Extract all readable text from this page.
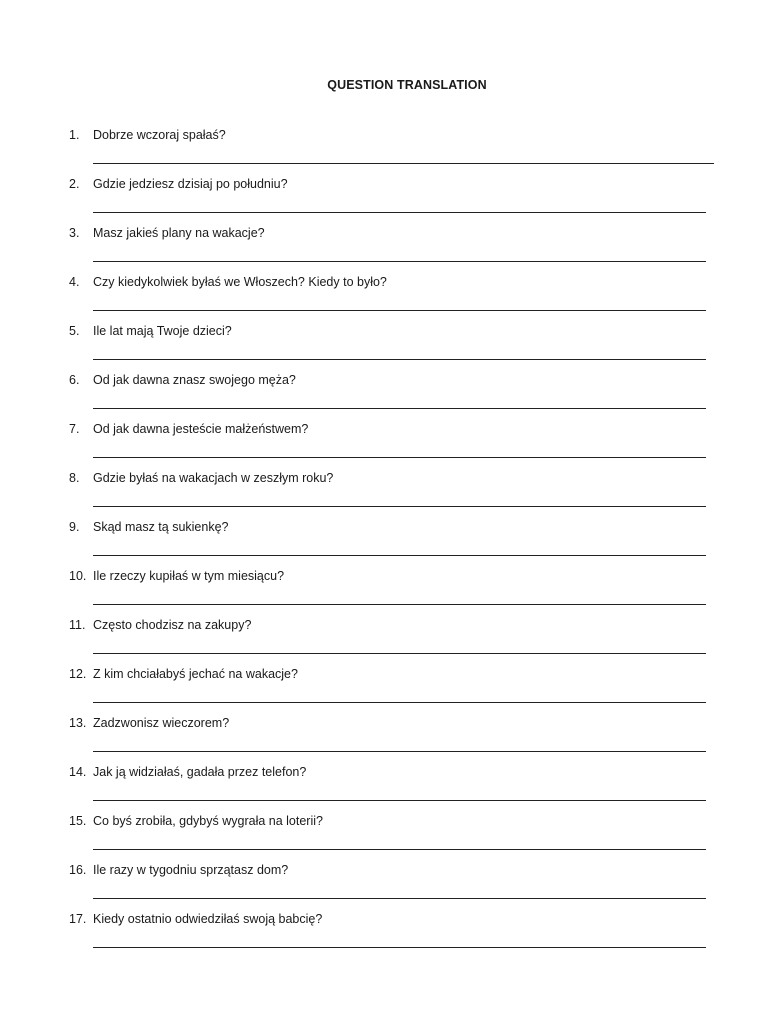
QUESTION TRANSLATION
1. Dobrze wczoraj spałaś?
2. Gdzie jedziesz dzisiaj po południu?
3. Masz jakieś plany na wakacje?
4. Czy kiedykolwiek byłaś we Włoszech? Kiedy to było?
5. Ile lat mają Twoje dzieci?
6. Od jak dawna znasz swojego męża?
7. Od jak dawna jesteście małżeństwem?
8. Gdzie byłaś na wakacjach w zeszłym roku?
9. Skąd masz tą sukienkę?
10. Ile rzeczy kupiłaś w tym miesiącu?
11. Często chodzisz na zakupy?
12. Z kim chciałabyś jechać na wakacje?
13. Zadzwonisz wieczorem?
14. Jak ją widziałaś, gadała przez telefon?
15. Co byś zrobiła, gdybyś wygrała na loterii?
16. Ile razy w tygodniu sprzątasz dom?
17. Kiedy ostatnio odwiedziłaś swoją babcię?
